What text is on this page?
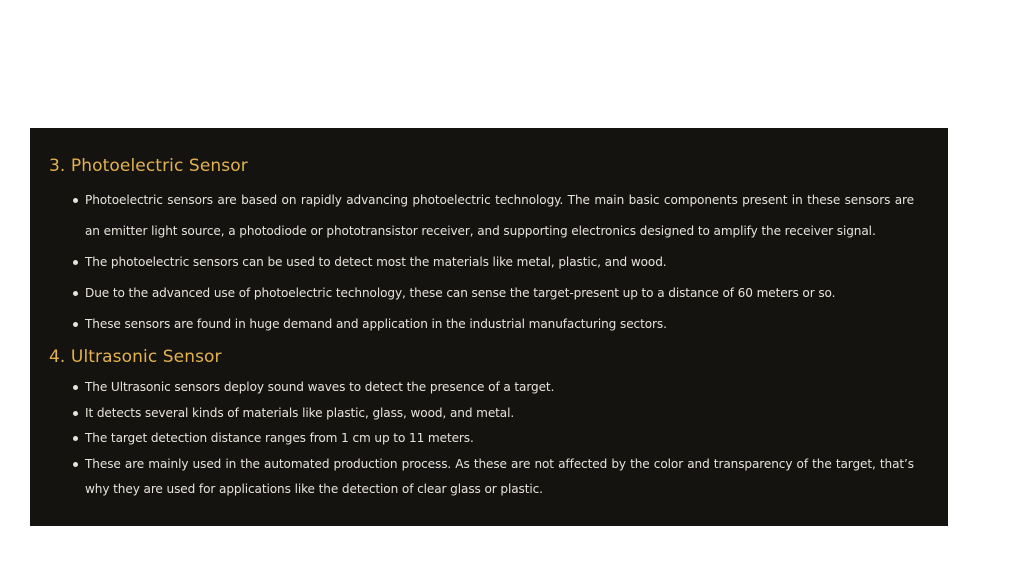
3. Photoelectric Sensor
Photoelectric sensors are based on rapidly advancing photoelectric technology. The main basic components present in these sensors are an emitter light source, a photodiode or phototransistor receiver, and supporting electronics designed to amplify the receiver signal.
The photoelectric sensors can be used to detect most the materials like metal, plastic, and wood.
Due to the advanced use of photoelectric technology, these can sense the target-present up to a distance of 60 meters or so.
These sensors are found in huge demand and application in the industrial manufacturing sectors.
4. Ultrasonic Sensor
The Ultrasonic sensors deploy sound waves to detect the presence of a target.
It detects several kinds of materials like plastic, glass, wood, and metal.
The target detection distance ranges from 1 cm up to 11 meters.
These are mainly used in the automated production process. As these are not affected by the color and transparency of the target, that’s why they are used for applications like the detection of clear glass or plastic.
